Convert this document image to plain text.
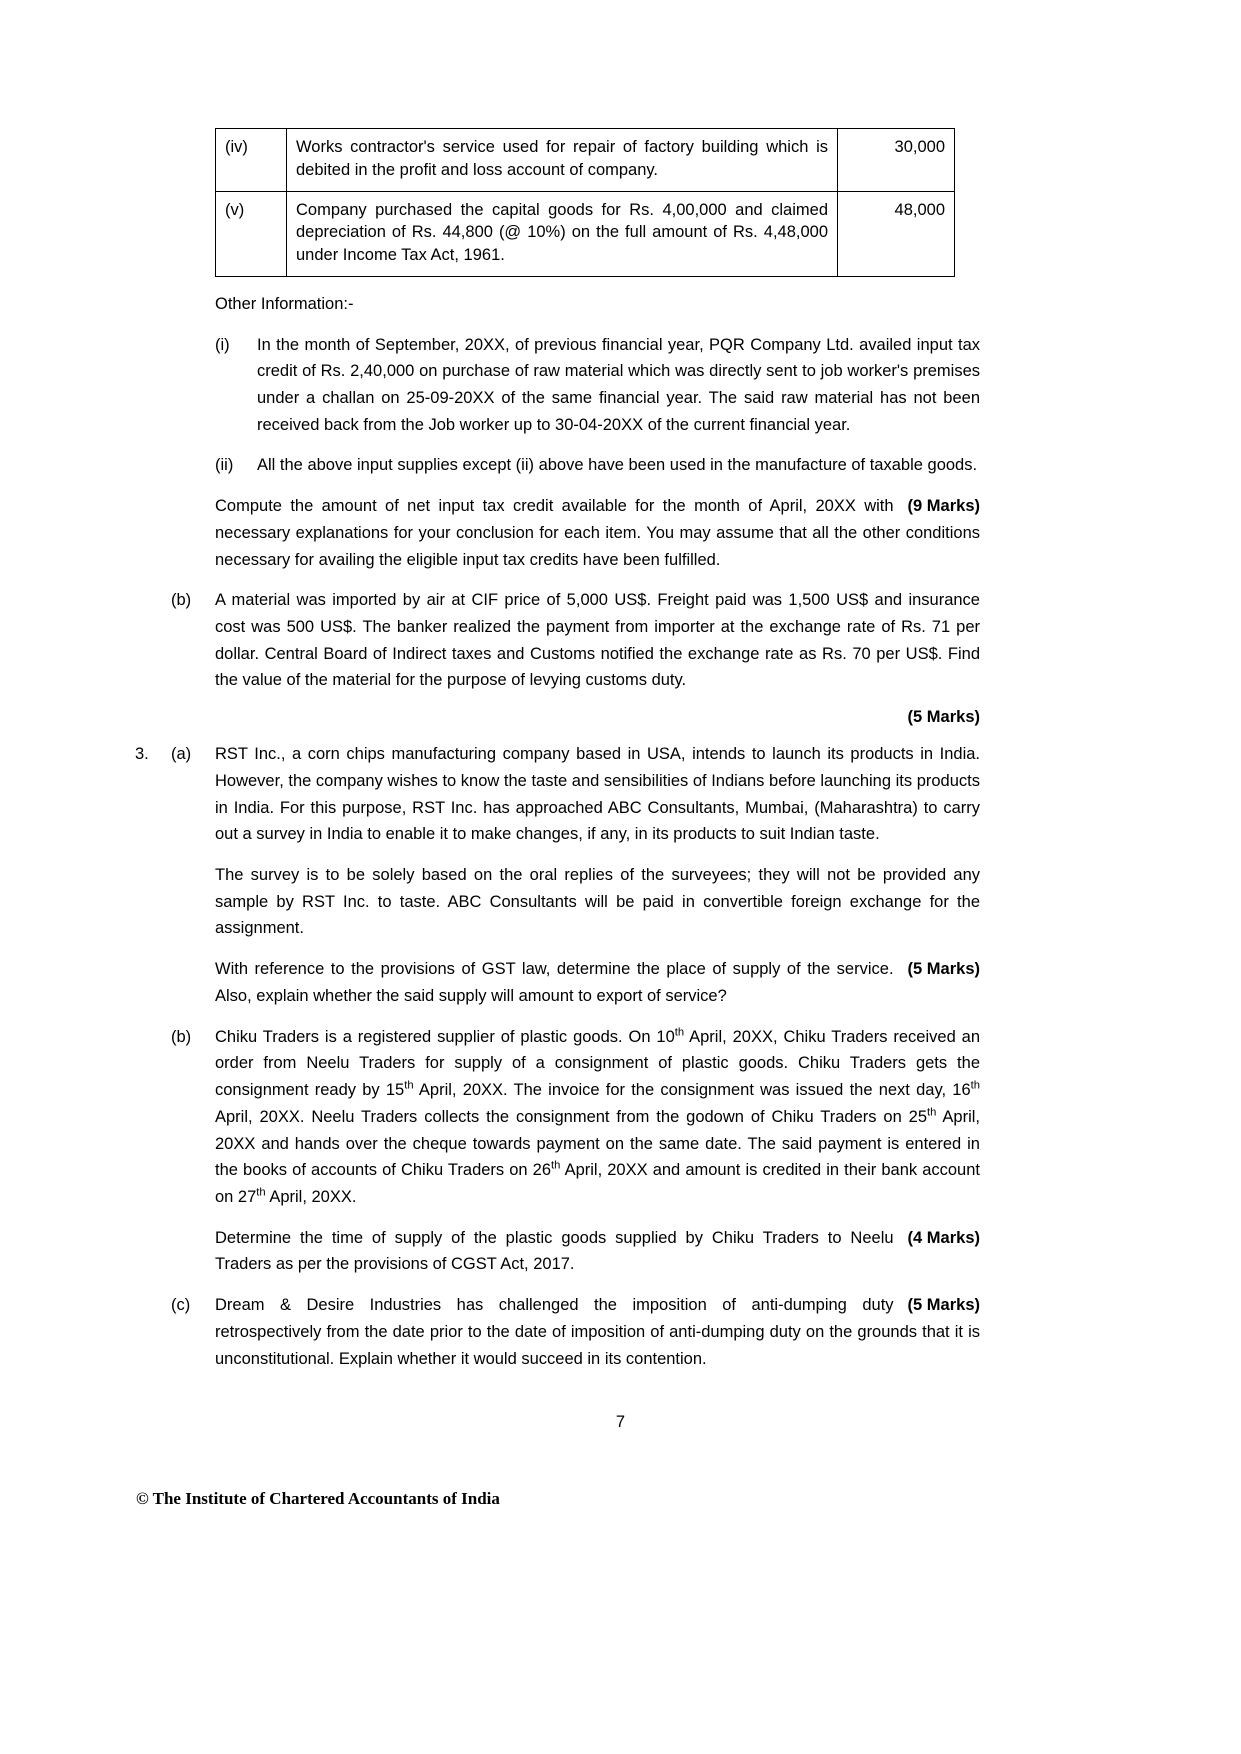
(iv)	Works contractor's service used for repair of factory building which is debited in the profit and loss account of company.	30,000
(v)	Company purchased the capital goods for Rs. 4,00,000 and claimed depreciation of Rs. 44,800 (@ 10%) on the full amount of Rs. 4,48,000 under Income Tax Act, 1961.	48,000
Other Information:-
(i)	In the month of September, 20XX, of previous financial year, PQR Company Ltd. availed input tax credit of Rs. 2,40,000 on purchase of raw material which was directly sent to job worker's premises under a challan on 25-09-20XX of the same financial year. The said raw material has not been received back from the Job worker up to 30-04-20XX of the current financial year.
(ii)	All the above input supplies except (ii) above have been used in the manufacture of taxable goods.
(9 Marks)
Compute the amount of net input tax credit available for the month of April, 20XX with necessary explanations for your conclusion for each item. You may assume that all the other conditions necessary for availing the eligible input tax credits have been fulfilled.
(b)	A material was imported by air at CIF price of 5,000 US$. Freight paid was 1,500 US$ and insurance cost was 500 US$. The banker realized the payment from importer at the exchange rate of Rs. 71 per dollar. Central Board of Indirect taxes and Customs notified the exchange rate as Rs. 70 per US$. Find the value of the material for the purpose of levying customs duty.
(5 Marks)
3.	(a)	RST Inc., a corn chips manufacturing company based in USA, intends to launch its products in India. However, the company wishes to know the taste and sensibilities of Indians before launching its products in India. For this purpose, RST Inc. has approached ABC Consultants, Mumbai, (Maharashtra) to carry out a survey in India to enable it to make changes, if any, in its products to suit Indian taste.
The survey is to be solely based on the oral replies of the surveyees; they will not be provided any sample by RST Inc. to taste. ABC Consultants will be paid in convertible foreign exchange for the assignment.
(5 Marks)
With reference to the provisions of GST law, determine the place of supply of the service. Also, explain whether the said supply will amount to export of service?
(b)	Chiku Traders is a registered supplier of plastic goods. On 10th April, 20XX, Chiku Traders received an order from Neelu Traders for supply of a consignment of plastic goods. Chiku Traders gets the consignment ready by 15th April, 20XX. The invoice for the consignment was issued the next day, 16th April, 20XX. Neelu Traders collects the consignment from the godown of Chiku Traders on 25th April, 20XX and hands over the cheque towards payment on the same date. The said payment is entered in the books of accounts of Chiku Traders on 26th April, 20XX and amount is credited in their bank account on 27th April, 20XX.
(4 Marks)
Determine the time of supply of the plastic goods supplied by Chiku Traders to Neelu Traders as per the provisions of CGST Act, 2017.
(c)	(5 Marks)
Dream & Desire Industries has challenged the imposition of anti-dumping duty retrospectively from the date prior to the date of imposition of anti-dumping duty on the grounds that it is unconstitutional. Explain whether it would succeed in its contention.
7
© The Institute of Chartered Accountants of India
